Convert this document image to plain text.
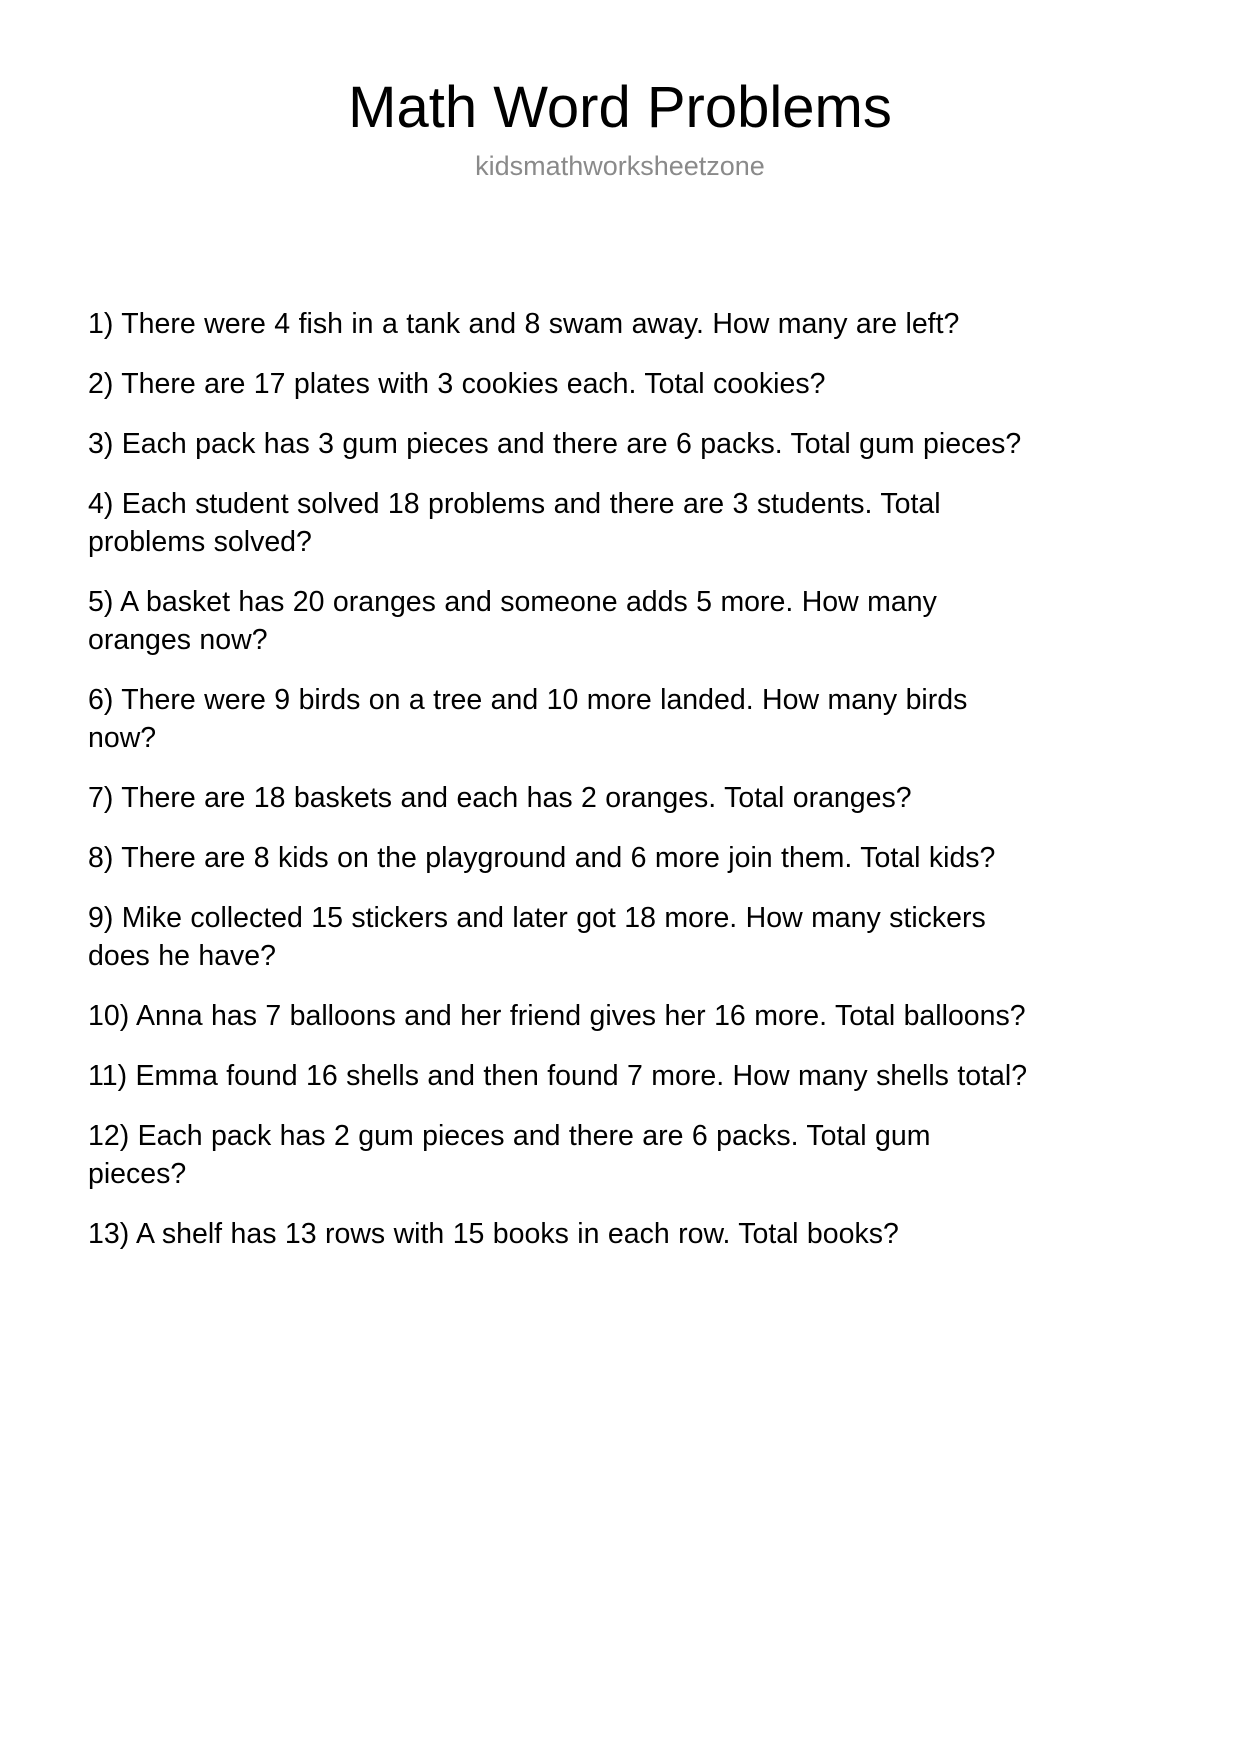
Math Word Problems
kidsmathworksheetzone

1) There were 4 fish in a tank and 8 swam away. How many are left?

2) There are 17 plates with 3 cookies each. Total cookies?

3) Each pack has 3 gum pieces and there are 6 packs. Total gum pieces?

4) Each student solved 18 problems and there are 3 students. Total problems solved?

5) A basket has 20 oranges and someone adds 5 more. How many oranges now?

6) There were 9 birds on a tree and 10 more landed. How many birds now?

7) There are 18 baskets and each has 2 oranges. Total oranges?

8) There are 8 kids on the playground and 6 more join them. Total kids?

9) Mike collected 15 stickers and later got 18 more. How many stickers does he have?

10) Anna has 7 balloons and her friend gives her 16 more. Total balloons?

11) Emma found 16 shells and then found 7 more. How many shells total?

12) Each pack has 2 gum pieces and there are 6 packs. Total gum pieces?

13) A shelf has 13 rows with 15 books in each row. Total books?
